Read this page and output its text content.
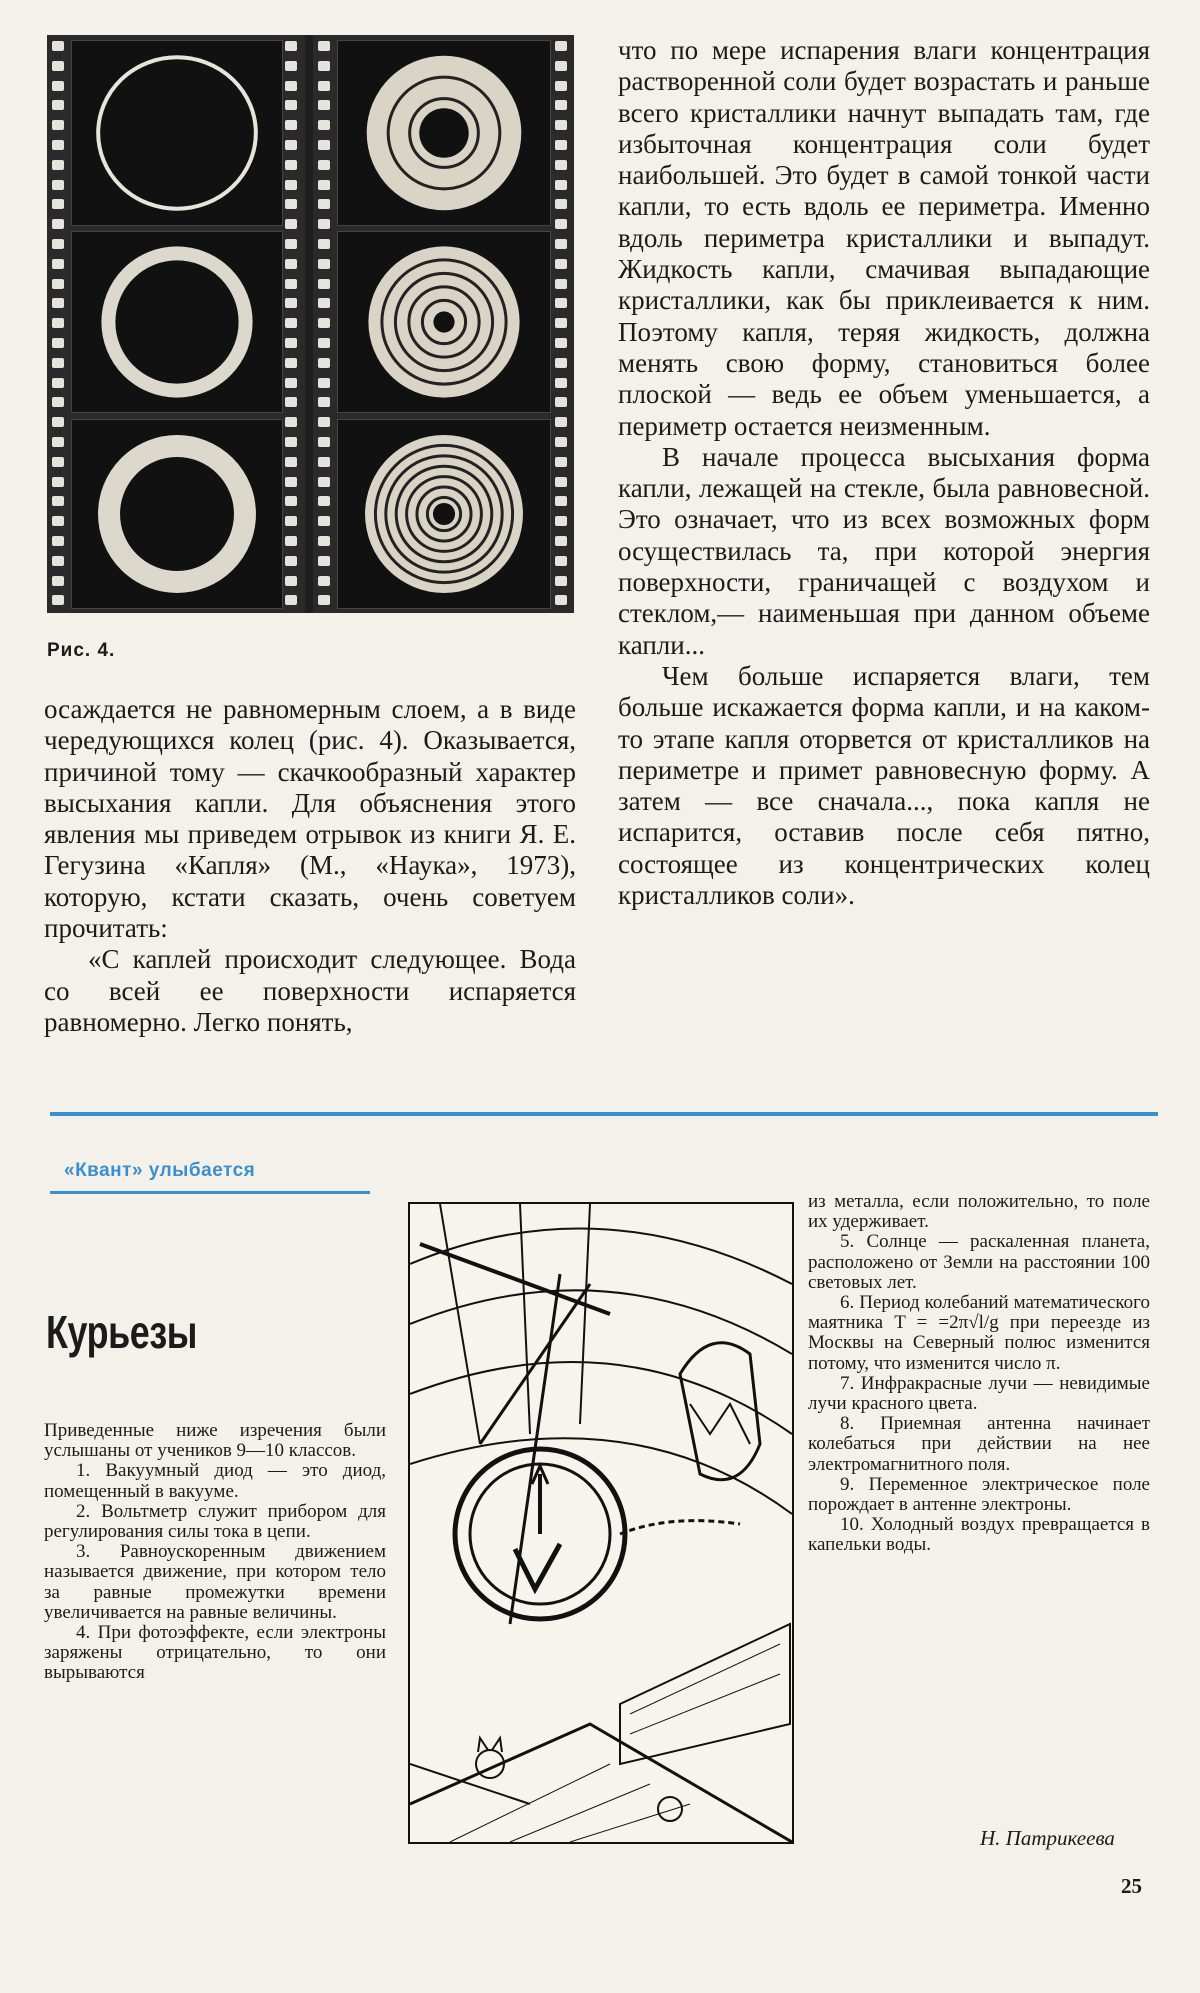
Рис. 4.

осаждается не равномерным слоем, а в виде чередующихся колец (рис. 4). Оказывается, причиной тому — скачкообразный характер высыхания капли. Для объяснения этого явления мы приведем отрывок из книги Я. Е. Гегузина «Капля» (М., «Наука», 1973), которую, кстати сказать, очень советуем прочитать:

«С каплей происходит следующее. Вода со всей ее поверхности испаряется равномерно. Легко понять,

что по мере испарения влаги концентрация растворенной соли будет возрастать и раньше всего кристаллики начнут выпадать там, где избыточная концентрация соли будет наибольшей. Это будет в самой тонкой части капли, то есть вдоль ее периметра. Именно вдоль периметра кристаллики и выпадут. Жидкость капли, смачивая выпадающие кристаллики, как бы приклеивается к ним. Поэтому капля, теряя жидкость, должна менять свою форму, становиться более плоской — ведь ее объем уменьшается, а периметр остается неизменным.

В начале процесса высыхания форма капли, лежащей на стекле, была равновесной. Это означает, что из всех возможных форм осуществилась та, при которой энергия поверхности, граничащей с воздухом и стеклом,— наименьшая при данном объеме капли...

Чем больше испаряется влаги, тем больше искажается форма капли, и на каком-то этапе капля оторвется от кристалликов на периметре и примет равновесную форму. А затем — все сначала..., пока капля не испарится, оставив после себя пятно, состоящее из концентрических колец кристалликов соли».

«Квант» улыбается
Курьезы

Приведенные ниже изречения были услышаны от учеников 9—10 классов.

1. Вакуумный диод — это диод, помещенный в вакууме.

2. Вольтметр служит прибором для регулирования силы тока в цепи.

3. Равноускоренным движением называется движение, при котором тело за равные промежутки времени увеличивается на равные величины.

4. При фотоэффекте, если электроны заряжены отрицательно, то они вырываются

из металла, если положительно, то поле их удерживает.

5. Солнце — раскаленная планета, расположено от Земли на расстоянии 100 световых лет.

6. Период колебаний математического маятника T = =2π√l/g при переезде из Москвы на Северный полюс изменится потому, что изменится число π.

7. Инфракрасные лучи — невидимые лучи красного цвета.

8. Приемная антенна начинает колебаться при действии на нее электромагнитного поля.

9. Переменное электрическое поле порождает в антенне электроны.

10. Холодный воздух превращается в капельки воды.

Н. Патрикеева
25
